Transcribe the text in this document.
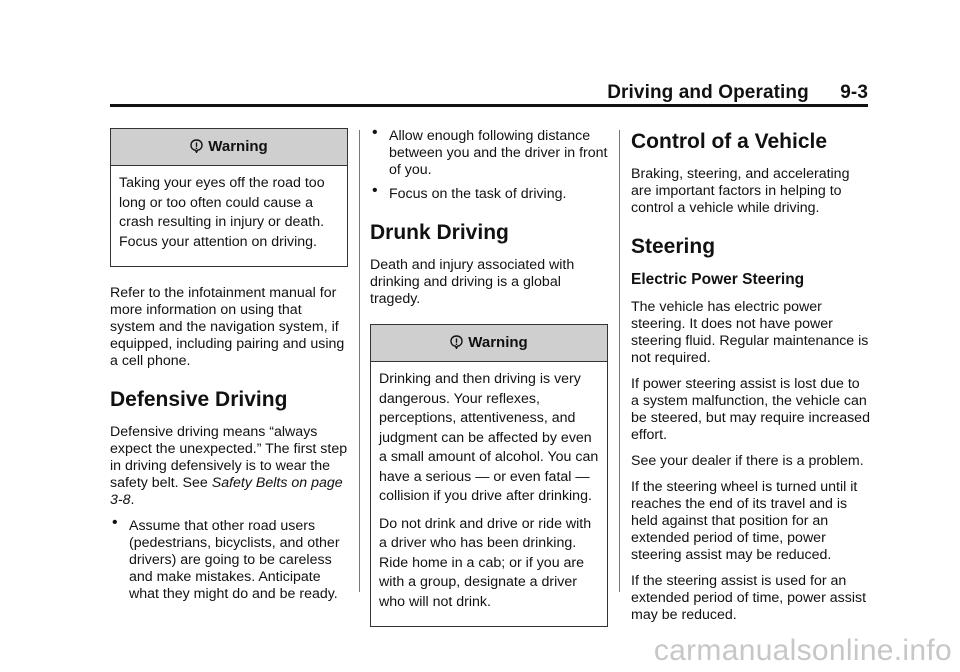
Driving and Operating 9-3
Warning

Taking your eyes off the road too long or too often could cause a crash resulting in injury or death. Focus your attention on driving.

Refer to the infotainment manual for more information on using that system and the navigation system, if equipped, including pairing and using a cell phone.

Defensive Driving

Defensive driving means “always expect the unexpected.” The first step in driving defensively is to wear the safety belt. See Safety Belts on page 3-8.

• Assume that other road users (pedestrians, bicyclists, and other drivers) are going to be careless and make mistakes. Anticipate what they might do and be ready.
• Allow enough following distance between you and the driver in front of you.
• Focus on the task of driving.
Drunk Driving

Death and injury associated with drinking and driving is a global tragedy.

Warning

Drinking and then driving is very dangerous. Your reflexes, perceptions, attentiveness, and judgment can be affected by even a small amount of alcohol. You can have a serious — or even fatal — collision if you drive after drinking.

Do not drink and drive or ride with a driver who has been drinking. Ride home in a cab; or if you are with a group, designate a driver who will not drink.

Control of a Vehicle

Braking, steering, and accelerating are important factors in helping to control a vehicle while driving.

Steering
Electric Power Steering

The vehicle has electric power steering. It does not have power steering fluid. Regular maintenance is not required.

If power steering assist is lost due to a system malfunction, the vehicle can be steered, but may require increased effort.

See your dealer if there is a problem.

If the steering wheel is turned until it reaches the end of its travel and is held against that position for an extended period of time, power steering assist may be reduced.

If the steering assist is used for an extended period of time, power assist may be reduced.

carmanualsonline.info
